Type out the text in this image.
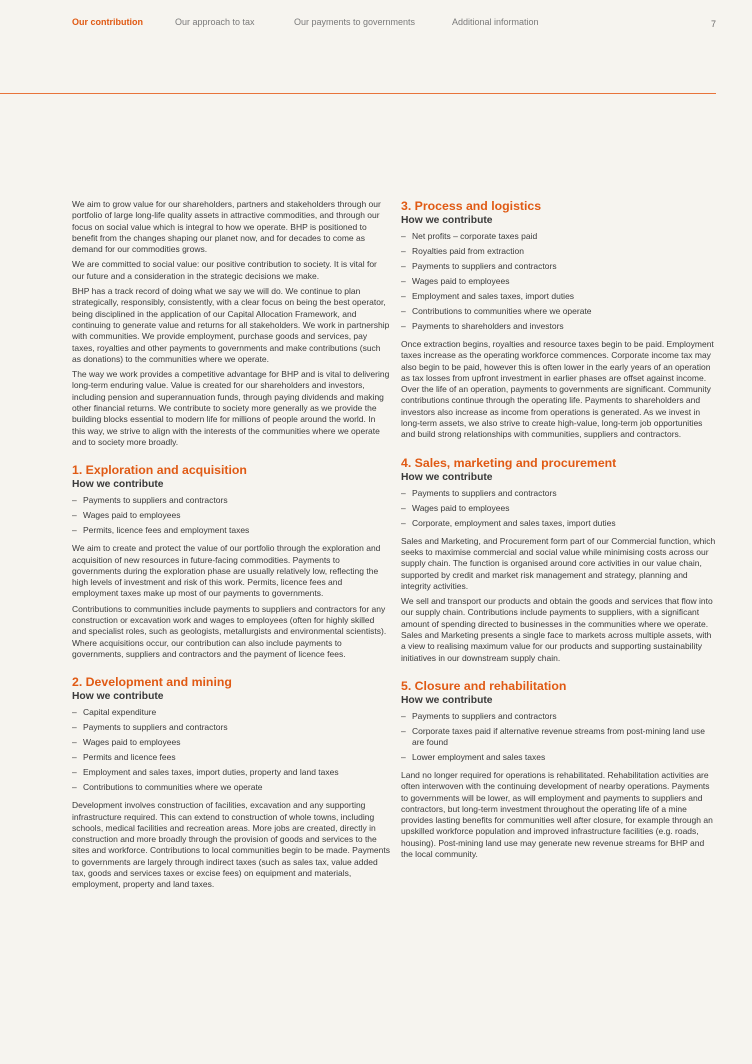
Our contribution	Our approach to tax	Our payments to governments	Additional information	7

We aim to grow value for our shareholders, partners and stakeholders through our portfolio of large long-life quality assets in attractive commodities, and through our focus on social value which is integral to how we operate. BHP is positioned to benefit from the changes shaping our planet now, and for decades to come as demand for our commodities grows.

We are committed to social value: our positive contribution to society. It is vital for our future and a consideration in the strategic decisions we make.

BHP has a track record of doing what we say we will do. We continue to plan strategically, responsibly, consistently, with a clear focus on being the best operator, being disciplined in the application of our Capital Allocation Framework, and continuing to generate value and returns for all stakeholders. We work in partnership with communities. We provide employment, purchase goods and services, pay taxes, royalties and other payments to governments and make contributions (such as donations) to the communities where we operate.

The way we work provides a competitive advantage for BHP and is vital to delivering long-term enduring value. Value is created for our shareholders and investors, including pension and superannuation funds, through paying dividends and making other financial returns. We contribute to society more generally as we provide the building blocks essential to modern life for millions of people around the world. In this way, we strive to align with the interests of the communities where we operate and to society more broadly.

1. Exploration and acquisition
How we contribute
– Payments to suppliers and contractors
– Wages paid to employees
– Permits, licence fees and employment taxes

We aim to create and protect the value of our portfolio through the exploration and acquisition of new resources in future-facing commodities. Payments to governments during the exploration phase are usually relatively low, reflecting the high levels of investment and risk of this work. Permits, licence fees and employment taxes make up most of our payments to governments.

Contributions to communities include payments to suppliers and contractors for any construction or excavation work and wages to employees (often for highly skilled and specialist roles, such as geologists, metallurgists and environmental scientists). Where acquisitions occur, our contribution can also include payments to governments, suppliers and contractors and the payment of licence fees.

2. Development and mining
How we contribute
– Capital expenditure
– Payments to suppliers and contractors
– Wages paid to employees
– Permits and licence fees
– Employment and sales taxes, import duties, property and land taxes
– Contributions to communities where we operate

Development involves construction of facilities, excavation and any supporting infrastructure required. This can extend to construction of whole towns, including schools, medical facilities and recreation areas. More jobs are created, directly in construction and more broadly through the provision of goods and services to the sites and workforce. Contributions to local communities begin to be made. Payments to governments are largely through indirect taxes (such as sales tax, value added tax, goods and services taxes or excise fees) on equipment and materials, employment, property and land taxes.

3. Process and logistics
How we contribute
– Net profits – corporate taxes paid
– Royalties paid from extraction
– Payments to suppliers and contractors
– Wages paid to employees
– Employment and sales taxes, import duties
– Contributions to communities where we operate
– Payments to shareholders and investors

Once extraction begins, royalties and resource taxes begin to be paid. Employment taxes increase as the operating workforce commences. Corporate income tax may also begin to be paid, however this is often lower in the early years of an operation as tax losses from upfront investment in earlier phases are offset against income. Over the life of an operation, payments to governments are significant. Community contributions continue through the operating life. Payments to shareholders and investors also increase as income from operations is generated. As we invest in long-term assets, we also strive to create high-value, long-term job opportunities and build strong relationships with communities, suppliers and contractors.

4. Sales, marketing and procurement
How we contribute
– Payments to suppliers and contractors
– Wages paid to employees
– Corporate, employment and sales taxes, import duties

Sales and Marketing, and Procurement form part of our Commercial function, which seeks to maximise commercial and social value while minimising costs across our supply chain. The function is organised around core activities in our value chain, supported by credit and market risk management and strategy, planning and integrity activities.

We sell and transport our products and obtain the goods and services that flow into our supply chain. Contributions include payments to suppliers, with a significant amount of spending directed to businesses in the communities where we operate. Sales and Marketing presents a single face to markets across multiple assets, with a view to realising maximum value for our products and supporting sustainability initiatives in our downstream supply chain.

5. Closure and rehabilitation
How we contribute
– Payments to suppliers and contractors
– Corporate taxes paid if alternative revenue streams from post-mining land use are found
– Lower employment and sales taxes

Land no longer required for operations is rehabilitated. Rehabilitation activities are often interwoven with the continuing development of nearby operations. Payments to governments will be lower, as will employment and payments to suppliers and contractors, but long-term investment throughout the operating life of a mine provides lasting benefits for communities well after closure, for example through an upskilled workforce population and improved infrastructure facilities (e.g. roads, housing). Post-mining land use may generate new revenue streams for BHP and the local community.
